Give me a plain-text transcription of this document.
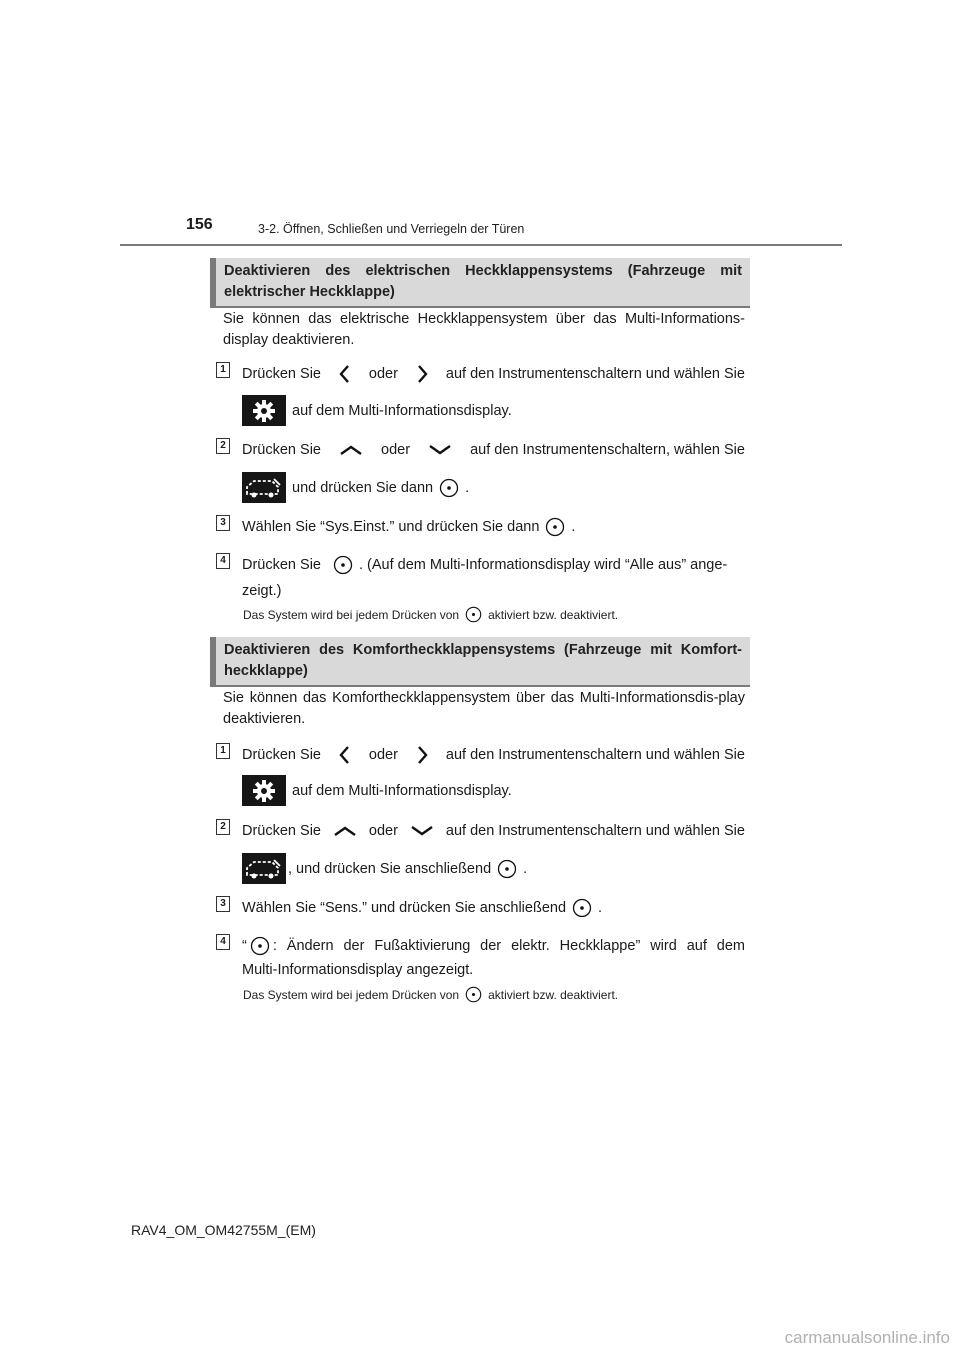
156	3-2. Öffnen, Schließen und Verriegeln der Türen
Deaktivieren des elektrischen Heckklappensystems (Fahrzeuge mit elektrischer Heckklappe)
Sie können das elektrische Heckklappensystem über das Multi-Informations-display deaktivieren.
1 Drücken Sie	oder	auf den Instrumentenschaltern und wählen Sie
auf dem Multi-Informationsdisplay.
2 Drücken Sie	oder	auf den Instrumentenschaltern, wählen Sie
und drücken Sie dann .
3 Wählen Sie “Sys.Einst.” und drücken Sie dann .
4 Drücken Sie	. (Auf dem Multi-Informationsdisplay wird “Alle aus” ange-
zeigt.)
Das System wird bei jedem Drücken von aktiviert bzw. deaktiviert.
Deaktivieren des Komfortheckklappensystems (Fahrzeuge mit Komfort-heckklappe)
Sie können das Komfortheckklappensystem über das Multi-Informationsdis-play deaktivieren.
1 Drücken Sie	oder	auf den Instrumentenschaltern und wählen Sie
auf dem Multi-Informationsdisplay.
2 Drücken Sie	oder	auf den Instrumentenschaltern und wählen Sie
, und drücken Sie anschließend .
3 Wählen Sie “Sens.” und drücken Sie anschließend .
4 “ : Ändern der Fußaktivierung der elektr. Heckklappe” wird auf dem
Multi-Informationsdisplay angezeigt.
Das System wird bei jedem Drücken von aktiviert bzw. deaktiviert.
RAV4_OM_OM42755M_(EM)
carmanualsonline.info
